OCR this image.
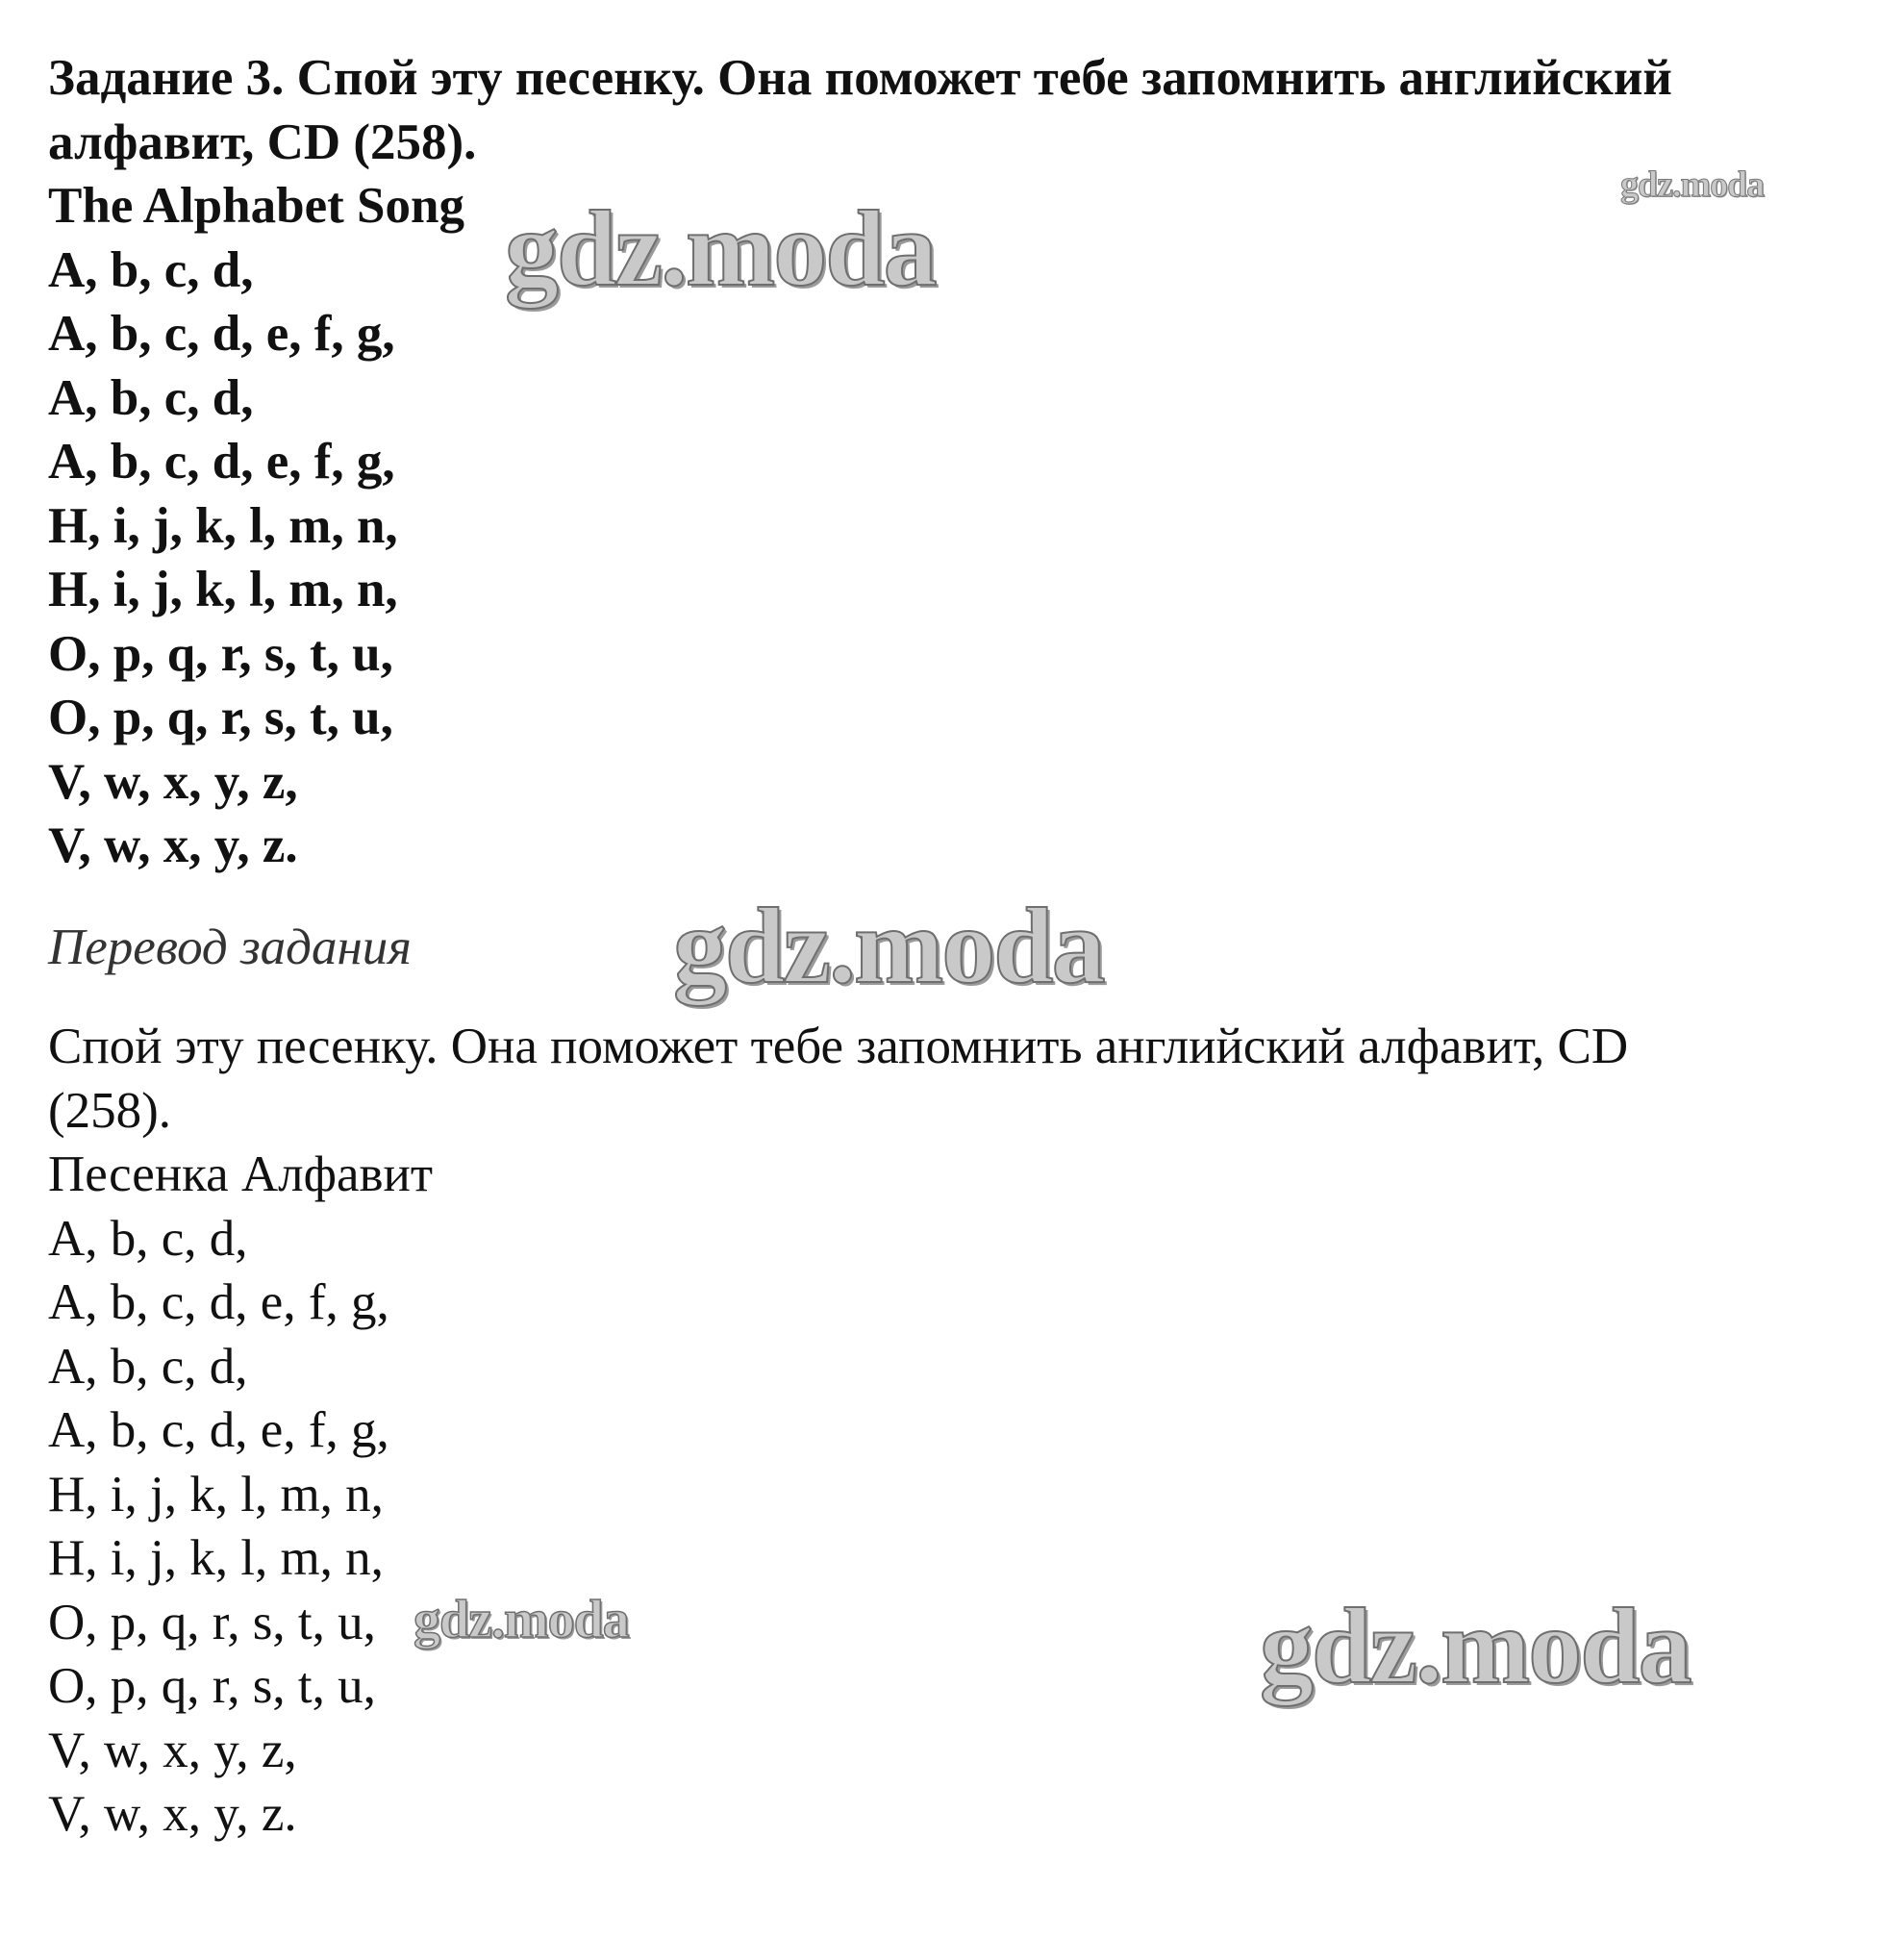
Задание 3. Спой эту песенку. Она поможет тебе запомнить английский
алфавит, CD (258).
The Alphabet Song
A, b, c, d,
A, b, c, d, e, f, g,
A, b, c, d,
A, b, c, d, e, f, g,
H, i, j, k, l, m, n,
H, i, j, k, l, m, n,
O, p, q, r, s, t, u,
O, p, q, r, s, t, u,
V, w, x, y, z,
V, w, x, y, z.
Перевод задания
Спой эту песенку. Она поможет тебе запомнить английский алфавит, CD
(258).
Песенка Алфавит
A, b, c, d,
A, b, c, d, e, f, g,
A, b, c, d,
A, b, c, d, e, f, g,
H, i, j, k, l, m, n,
H, i, j, k, l, m, n,
O, p, q, r, s, t, u,
O, p, q, r, s, t, u,
V, w, x, y, z,
V, w, x, y, z.
gdz.moda
gdz.moda
gdz.moda
gdz.moda	gdz.moda
